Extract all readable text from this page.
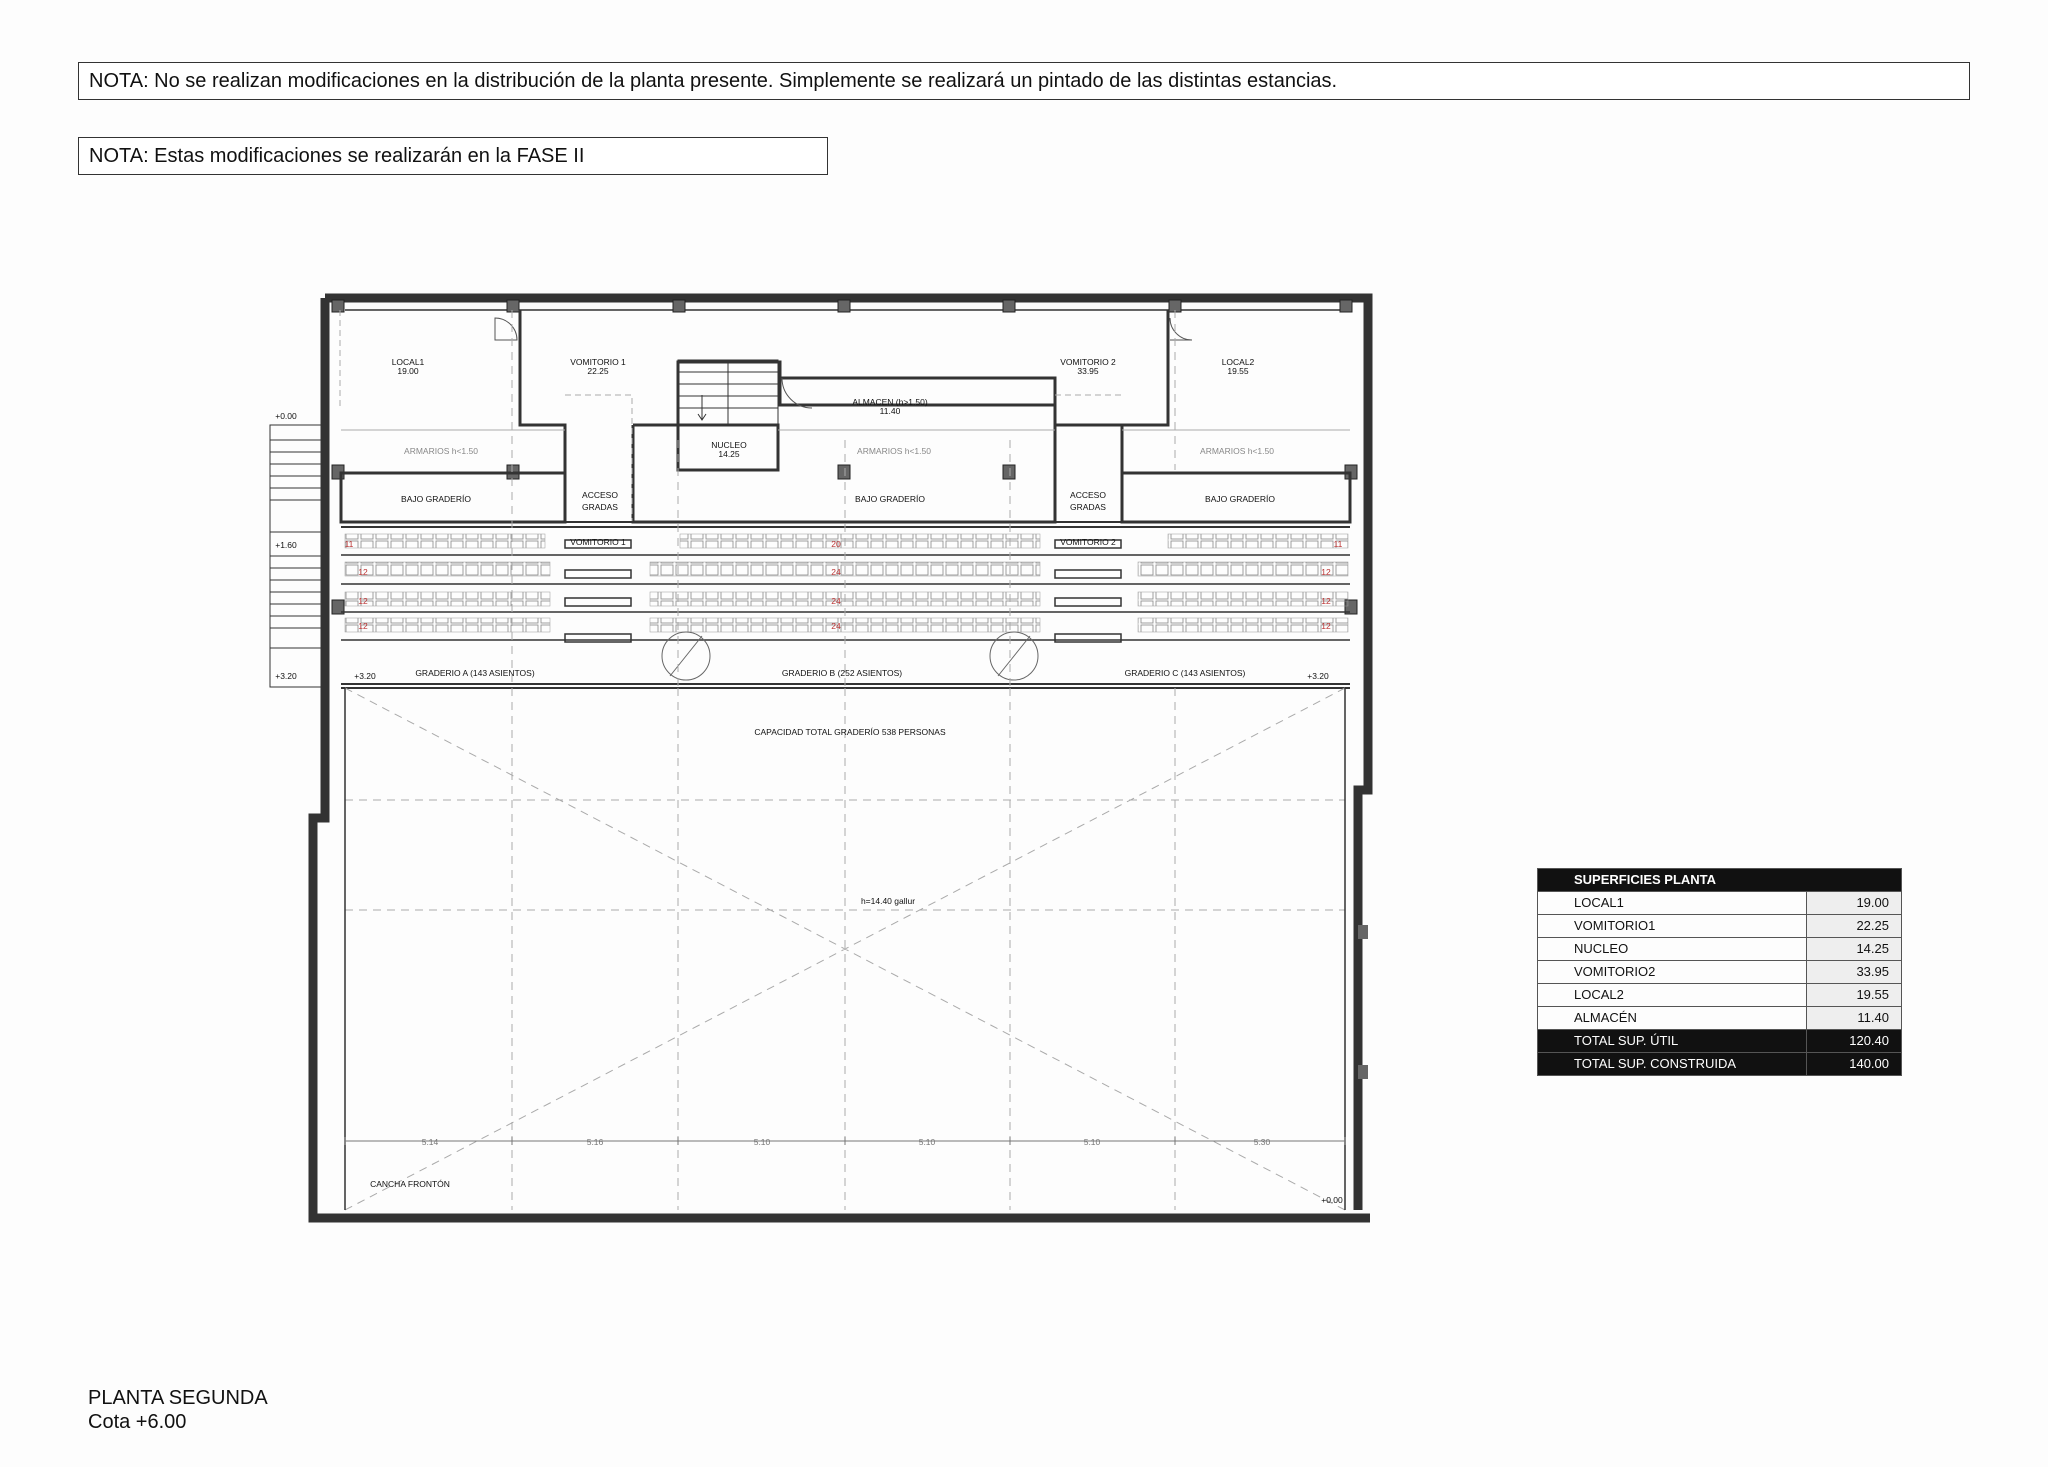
NOTA: No se realizan modificaciones en la distribución de la planta presente. Simplemente se realizará un pintado de las distintas estancias.
NOTA: Estas modificaciones se realizarán en la FASE II
LOCAL1
19.00
VOMITORIO 1
22.25
ALMACEN (h>1.50)
11.40
NUCLEO
14.25
VOMITORIO 2
33.95
LOCAL2
19.55
ARMARIOS h<1.50	ARMARIOS h<1.50	ARMARIOS h<1.50
BAJO GRADERÍO	BAJO GRADERÍO	BAJO GRADERÍO
ACCESO
GRADAS
ACCESO
GRADAS
VOMITORIO 1	VOMITORIO 2
11
12
12
12
20
24
24
24
11
12
12
12
GRADERIO A (143 ASIENTOS)	GRADERIO B (252 ASIENTOS)	GRADERIO C (143 ASIENTOS)
CAPACIDAD TOTAL GRADERÍO 538 PERSONAS
h=14.40 gallur
CANCHA FRONTÓN
+0.00
+1.60
+3.20	+3.20	+3.20
+0.00
5.14	5.16	5.10	5.10	5.10	5.30
SUPERFICIES PLANTA	
LOCAL1	19.00
VOMITORIO1	22.25
NUCLEO	14.25
VOMITORIO2	33.95
LOCAL2	19.55
ALMACÉN	11.40
TOTAL SUP. ÚTIL	120.40
TOTAL SUP. CONSTRUIDA	140.00
PLANTA SEGUNDA
Cota +6.00
